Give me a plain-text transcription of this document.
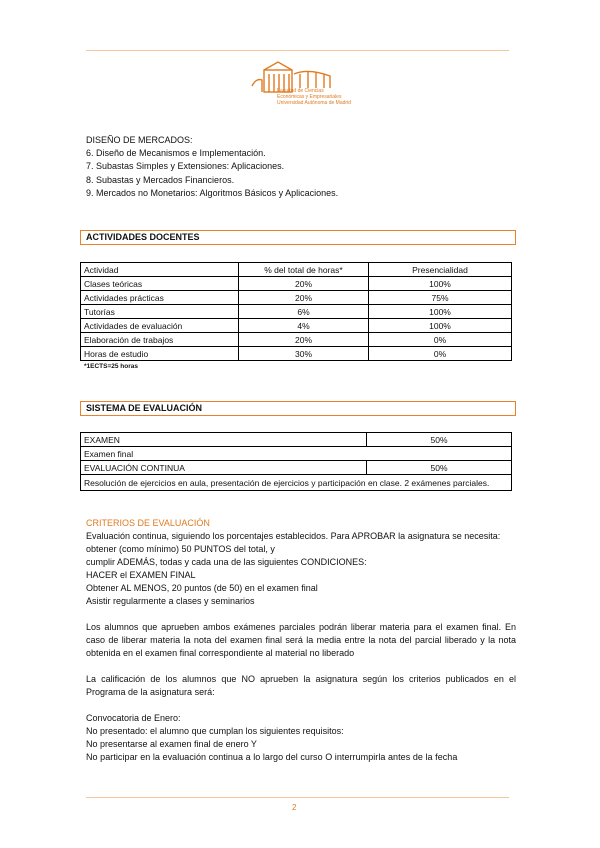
Facultad de Ciencias
Económicas y Empresariales
Universidad Autónoma de Madrid
DISEÑO DE MERCADOS:
6. Diseño de Mecanismos e Implementación.
7. Subastas Simples y Extensiones: Aplicaciones.
8. Subastas y Mercados Financieros.
9. Mercados no Monetarios: Algoritmos Básicos y Aplicaciones.
ACTIVIDADES DOCENTES
Actividad	% del total de horas*	Presencialidad
Clases teóricas	20%	100%
Actividades prácticas	20%	75%
Tutorías	6%	100%
Actividades de evaluación	4%	100%
Elaboración de trabajos	20%	0%
Horas de estudio	30%	0%
*1ECTS=25 horas
SISTEMA DE EVALUACIÓN
EXAMEN	50%
Examen final	
EVALUACIÓN CONTINUA	50%
Resolución de ejercicios en aula, presentación de ejercicios y participación en clase. 2 exámenes parciales.	
CRITERIOS DE EVALUACIÓN
Evaluación continua, siguiendo los porcentajes establecidos. Para APROBAR la asignatura se necesita:
obtener (como mínimo) 50 PUNTOS del total, y
cumplir ADEMÁS, todas y cada una de las siguientes CONDICIONES:
HACER el EXAMEN FINAL
Obtener AL MENOS, 20 puntos (de 50) en el examen final
Asistir regularmente a clases y seminarios
Los alumnos que aprueben ambos exámenes parciales podrán liberar materia para el examen final. En caso de liberar materia la nota del examen final será la media entre la nota del parcial liberado y la nota obtenida en el examen final correspondiente al material no liberado
La calificación de los alumnos que NO aprueben la asignatura según los criterios publicados en el Programa de la asignatura será:
Convocatoria de Enero:
No presentado: el alumno que cumplan los siguientes requisitos:
No presentarse al examen final de enero Y
No participar en la evaluación continua a lo largo del curso O interrumpirla antes de la fecha
2
